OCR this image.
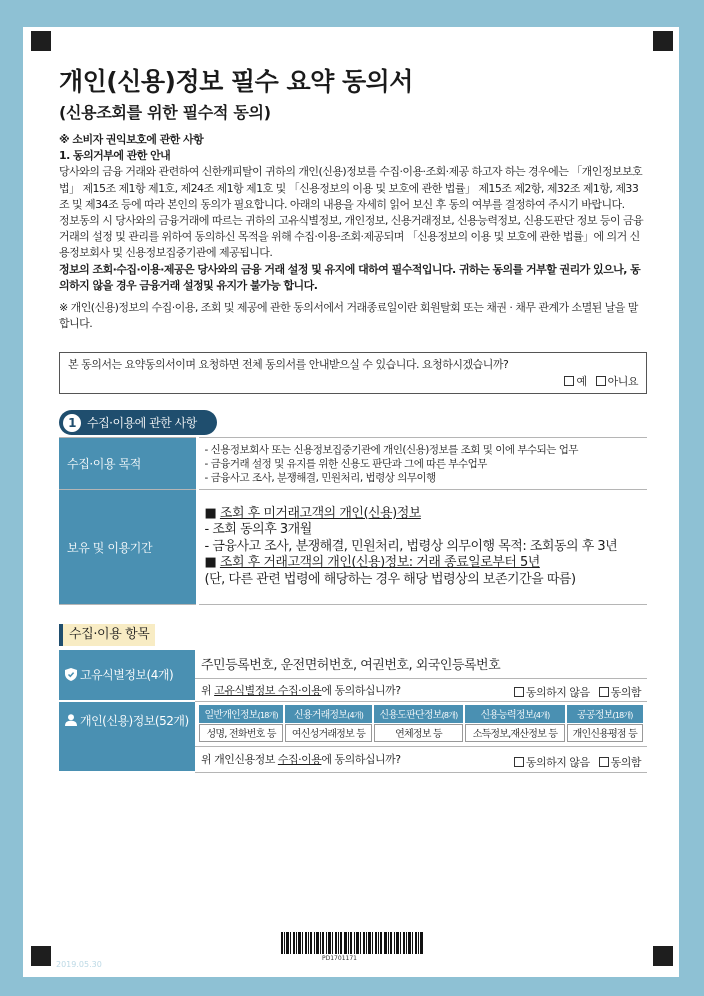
개인(신용)정보 필수 요약 동의서
(신용조회를 위한 필수적 동의)

※ 소비자 권익보호에 관한 사항

1. 동의거부에 관한 안내

당사와의 금융 거래와 관련하여 신한캐피탈이 귀하의 개인(신용)정보를 수집·이용·조회·제공 하고자 하는 경우에는 「개인정보보호법」 제15조 제1항 제1호, 제24조 제1항 제1호 및 「신용정보의 이용 및 보호에 관한 법률」 제15조 제2항, 제32조 제1항, 제33조 및 제34조 등에 따라 본인의 동의가 필요합니다. 아래의 내용을 자세히 읽어 보신 후 동의 여부를 결정하여 주시기 바랍니다.

정보동의 시 당사와의 금융거래에 따르는 귀하의 고유식별정보, 개인정보, 신용거래정보, 신용능력정보, 신용도판단 정보 등이 금융거래의 설정 및 관리를 위하여 동의하신 목적을 위해 수집·이용·조회·제공되며 「신용정보의 이용 및 보호에 관한 법률」에 의거 신용정보회사 및 신용정보집중기관에 제공됩니다.

정보의 조회·수집·이용·제공은 당사와의 금융 거래 설정 및 유지에 대하여 필수적입니다. 귀하는 동의를 거부할 권리가 있으나, 동의하지 않을 경우 금융거래 설정및 유지가 불가능 합니다.

※ 개인(신용)정보의 수집·이용, 조회 및 제공에 관한 동의서에서 거래종료일이란 회원탈회 또는 채권 · 채무 관계가 소멸된 날을 말합니다.

본 동의서는 요약동의서이며 요청하면 전체 동의서를 안내받으실 수 있습니다. 요청하시겠습니까?
예 아니요
1 수집·이용에 관한 사항
수집·이용 목적	- 신용정보회사 또는 신용정보집중기관에 개인(신용)정보를 조회 및 이에 부수되는 업무
- 금융거래 설정 및 유지를 위한 신용도 판단과 그에 따른 부수업무
- 금융사고 조사, 분쟁해결, 민원처리, 법령상 의무이행

보유 및 이용기간	■ 조회 후 미거래고객의 개인(신용)정보
- 조회 동의후 3개월
- 금융사고 조사, 분쟁해결, 민원처리, 법령상 의무이행 목적: 조회동의 후 3년
■ 조회 후 거래고객의 개인(신용)정보: 거래 종료일로부터 5년
(단, 다른 관련 법령에 해당하는 경우 해당 법령상의 보존기간을 따름)
수집·이용 항목
고유식별정보(4개)	주민등록번호, 운전면허번호, 여권번호, 외국인등록번호
위 고유식별정보 수집·이용에 동의하십니까?	동의하지 않음 동의함

개인(신용)정보(52개)	일반개인정보(18개)	신용거래정보(4개)	신용도판단정보(8개)	신용능력정보(4개)	공공정보(18개)
성명, 전화번호 등	여신성거래정보 등	연체정보 등	소득정보,재산정보 등	개인신용평점 등

위 개인신용정보 수집·이용에 동의하십니까?	동의하지 않음 동의함
PD1701171
2019.05.30
